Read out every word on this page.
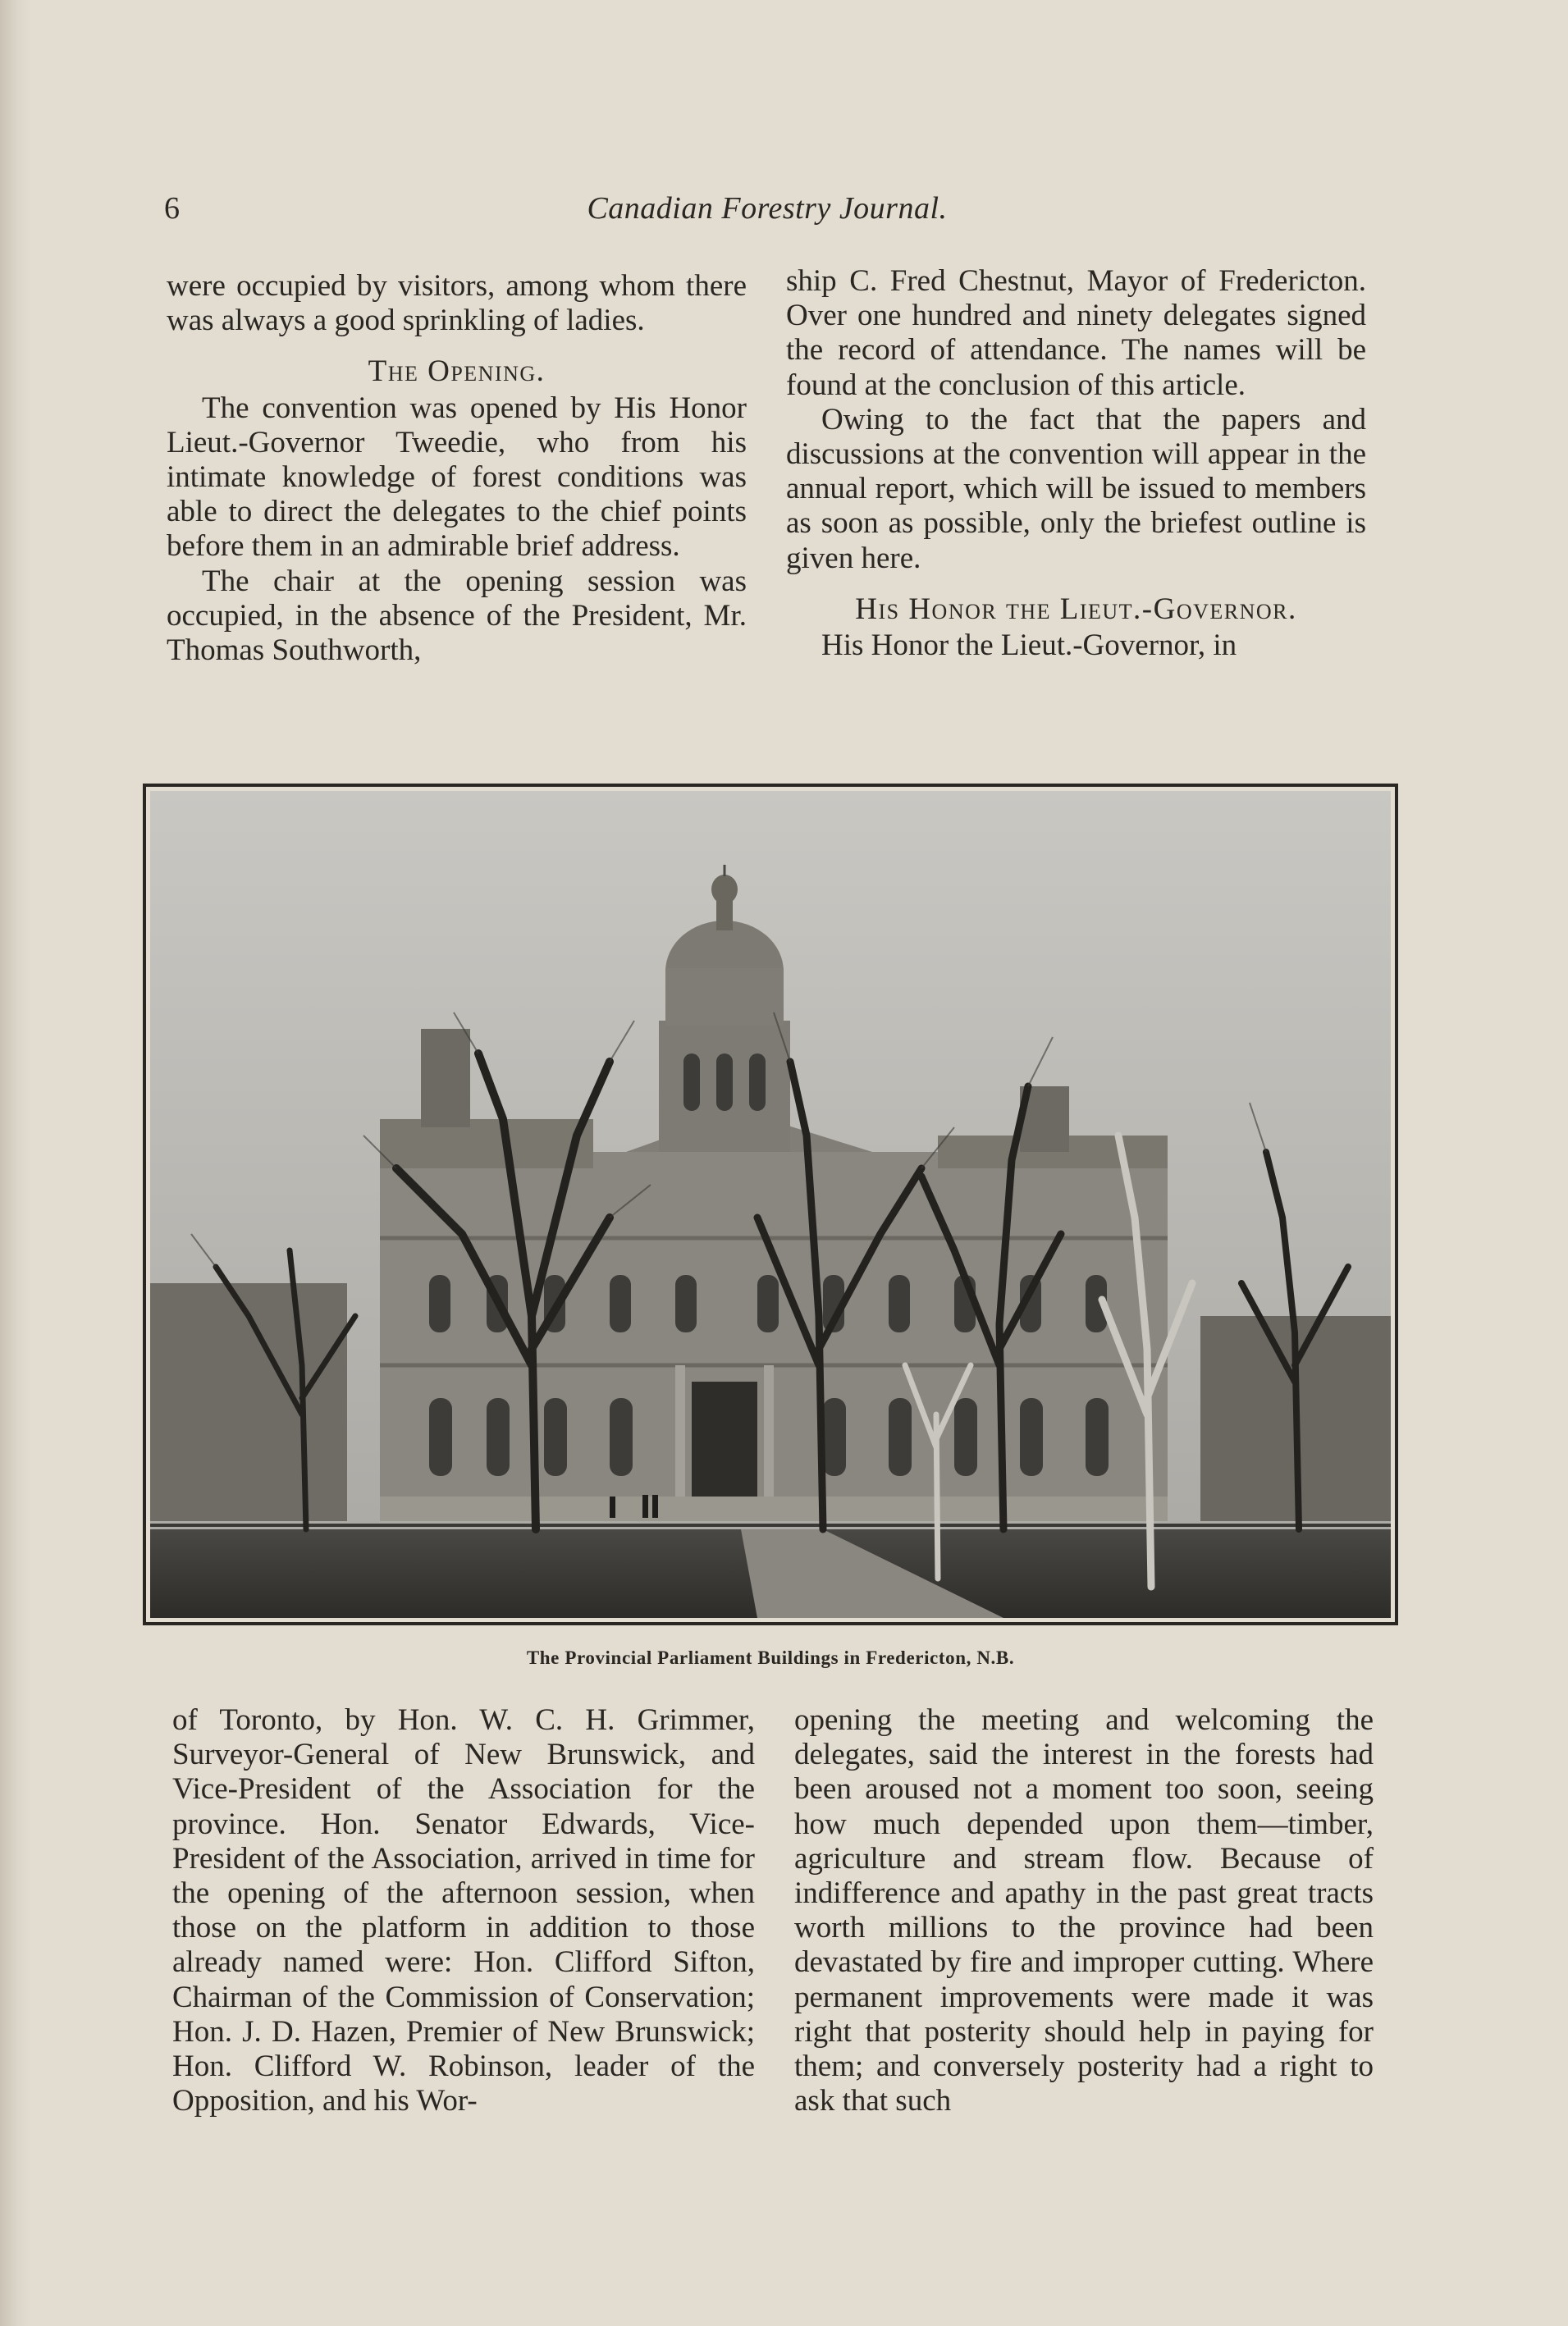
6	Canadian Forestry Journal.

were occupied by visitors, among whom there was always a good sprinkling of ladies.

The Opening.

The convention was opened by His Honor Lieut.-Governor Tweedie, who from his intimate knowledge of forest conditions was able to direct the delegates to the chief points before them in an admirable brief address.

The chair at the opening session was occupied, in the absence of the President, Mr. Thomas Southworth,

ship C. Fred Chestnut, Mayor of Fredericton. Over one hundred and ninety delegates signed the record of attendance. The names will be found at the conclusion of this article.

Owing to the fact that the papers and discussions at the convention will appear in the annual report, which will be issued to members as soon as possible, only the briefest outline is given here.

His Honor the Lieut.-Governor.

His Honor the Lieut.-Governor, in

The Provincial Parliament Buildings in Fredericton, N.B.

of Toronto, by Hon. W. C. H. Grimmer, Surveyor-General of New Brunswick, and Vice-President of the Association for the province. Hon. Senator Edwards, Vice-President of the Association, arrived in time for the opening of the afternoon session, when those on the platform in addition to those already named were: Hon. Clifford Sifton, Chairman of the Commission of Conservation; Hon. J. D. Hazen, Premier of New Brunswick; Hon. Clifford W. Robinson, leader of the Opposition, and his Wor-

opening the meeting and welcoming the delegates, said the interest in the forests had been aroused not a moment too soon, seeing how much depended upon them—timber, agriculture and stream flow. Because of indifference and apathy in the past great tracts worth millions to the province had been devastated by fire and improper cutting. Where permanent improvements were made it was right that posterity should help in paying for them; and conversely posterity had a right to ask that such
